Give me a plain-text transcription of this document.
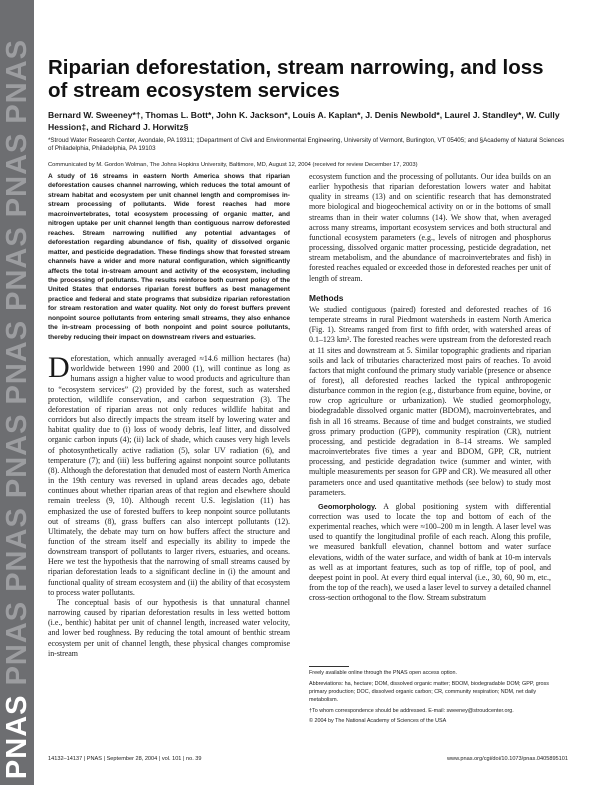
PNAS PNAS PNAS PNAS PNAS PNAS PNAS PNAS Riparian deforestation, stream narrowing, and loss of stream ecosystem services
Bernard W. Sweeney*†, Thomas L. Bott*, John K. Jackson*, Louis A. Kaplan*, J. Denis Newbold*, Laurel J. Standley*, W. Cully Hession‡, and Richard J. Horwitz§
*Stroud Water Research Center, Avondale, PA 19311; ‡Department of Civil and Environmental Engineering, University of Vermont, Burlington, VT 05405; and §Academy of Natural Sciences of Philadelphia, Philadelphia, PA 19103
Communicated by M. Gordon Wolman, The Johns Hopkins University, Baltimore, MD, August 12, 2004 (received for review December 17, 2003)

A study of 16 streams in eastern North America shows that riparian deforestation causes channel narrowing, which reduces the total amount of stream habitat and ecosystem per unit channel length and compromises in-stream processing of pollutants. Wide forest reaches had more macroinvertebrates, total ecosystem processing of organic matter, and nitrogen uptake per unit channel length than contiguous narrow deforested reaches. Stream narrowing nullified any potential advantages of deforestation regarding abundance of fish, quality of dissolved organic matter, and pesticide degradation. These findings show that forested stream channels have a wider and more natural configuration, which significantly affects the total in-stream amount and activity of the ecosystem, including the processing of pollutants. The results reinforce both current policy of the United States that endorses riparian forest buffers as best management practice and federal and state programs that subsidize riparian reforestation for stream restoration and water quality. Not only do forest buffers prevent nonpoint source pollutants from entering small streams, they also enhance the in-stream processing of both nonpoint and point source pollutants, thereby reducing their impact on downstream rivers and estuaries.

Deforestation, which annually averaged ≈14.6 million hectares (ha) worldwide between 1990 and 2000 (1), will continue as long as humans assign a higher value to wood products and agriculture than to “ecosystem services” (2) provided by the forest, such as watershed protection, wildlife conservation, and carbon sequestration (3). The deforestation of riparian areas not only reduces wildlife habitat and corridors but also directly impacts the stream itself by lowering water and habitat quality due to (i) loss of woody debris, leaf litter, and dissolved organic carbon inputs (4); (ii) lack of shade, which causes very high levels of photosynthetically active radiation (5), solar UV radiation (6), and temperature (7); and (iii) less buffering against nonpoint source pollutants (8). Although the deforestation that denuded most of eastern North America in the 19th century was reversed in upland areas decades ago, debate continues about whether riparian areas of that region and elsewhere should remain treeless (9, 10). Although recent U.S. legislation (11) has emphasized the use of forested buffers to keep nonpoint source pollutants out of streams (8), grass buffers can also intercept pollutants (12). Ultimately, the debate may turn on how buffers affect the structure and function of the stream itself and especially its ability to impede the downstream transport of pollutants to larger rivers, estuaries, and oceans. Here we test the hypothesis that the narrowing of small streams caused by riparian deforestation leads to a significant decline in (i) the amount and functional quality of stream ecosystem and (ii) the ability of that ecosystem to process water pollutants.

The conceptual basis of our hypothesis is that unnatural channel narrowing caused by riparian deforestation results in less wetted bottom (i.e., benthic) habitat per unit of channel length, increased water velocity, and lower bed roughness. By reducing the total amount of benthic stream ecosystem per unit of channel length, these physical changes compromise in-stream

ecosystem function and the processing of pollutants. Our idea builds on an earlier hypothesis that riparian deforestation lowers water and habitat quality in streams (13) and on scientific research that has demonstrated more biological and biogeochemical activity on or in the bottoms of small streams than in their water columns (14). We show that, when averaged across many streams, important ecosystem services and both structural and functional ecosystem parameters (e.g., levels of nitrogen and phosphorus processing, dissolved organic matter processing, pesticide degradation, net stream metabolism, and the abundance of macroinvertebrates and fish) in forested reaches equaled or exceeded those in deforested reaches per unit of length of stream.

Methods

We studied contiguous (paired) forested and deforested reaches of 16 temperate streams in rural Piedmont watersheds in eastern North America (Fig. 1). Streams ranged from first to fifth order, with watershed areas of 0.1–123 km². The forested reaches were upstream from the deforested reach at 11 sites and downstream at 5. Similar topographic gradients and riparian soils and lack of tributaries characterized most pairs of reaches. To avoid factors that might confound the primary study variable (presence or absence of forest), all deforested reaches lacked the typical anthropogenic disturbance common in the region (e.g., disturbance from equine, bovine, or row crop agriculture or urbanization). We studied geomorphology, biodegradable dissolved organic matter (BDOM), macroinvertebrates, and fish in all 16 streams. Because of time and budget constraints, we studied gross primary production (GPP), community respiration (CR), nutrient processing, and pesticide degradation in 8–14 streams. We sampled macroinvertebrates five times a year and BDOM, GPP, CR, nutrient processing, and pesticide degradation twice (summer and winter, with multiple measurements per season for GPP and CR). We measured all other parameters once and used quantitative methods (see below) to study most parameters.

Geomorphology. A global positioning system with differential correction was used to locate the top and bottom of each of the experimental reaches, which were ≈100–200 m in length. A laser level was used to quantify the longitudinal profile of each reach. Along this profile, we measured bankfull elevation, channel bottom and water surface elevations, width of the water surface, and width of bank at 10-m intervals as well as at important features, such as top of riffle, top of pool, and deepest point in pool. At every third equal interval (i.e., 30, 60, 90 m, etc., from the top of the reach), we used a laser level to survey a detailed channel cross-section orthogonal to the flow. Stream substratum

Freely available online through the PNAS open access option.

Abbreviations: ha, hectare; DOM, dissolved organic matter; BDOM, biodegradable DOM; GPP, gross primary production; DOC, dissolved organic carbon; CR, community respiration; NDM, net daily metabolism.

†To whom correspondence should be addressed. E-mail: sweeney@stroudcenter.org.

© 2004 by The National Academy of Sciences of the USA

14132–14137 | PNAS | September 28, 2004 | vol. 101 | no. 39	www.pnas.org/cgi/doi/10.1073/pnas.0405895101
